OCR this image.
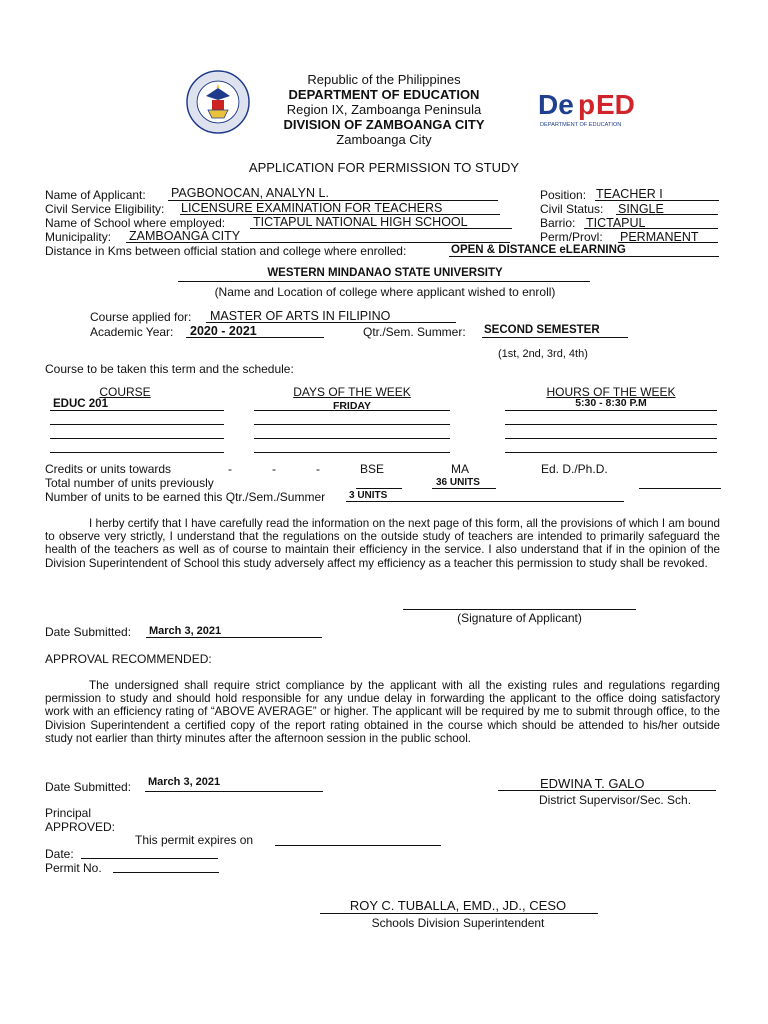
De p ED
DEPARTMENT OF EDUCATION
Republic of the Philippines
DEPARTMENT OF EDUCATION
Region IX, Zamboanga Peninsula
DIVISION OF ZAMBOANGA CITY
Zamboanga City
APPLICATION FOR PERMISSION TO STUDY
Name of Applicant: PAGBONOCAN, ANALYN L.	Position: TEACHER I
Civil Service Eligibility: LICENSURE EXAMINATION FOR TEACHERS	Civil Status: SINGLE
Name of School where employed: TICTAPUL NATIONAL HIGH SCHOOL	Barrio: TICTAPUL
Municipality: ZAMBOANGA CITY	Perm/Provl: PERMANENT
Distance in Kms between official station and college where enrolled:	OPEN & DISTANCE eLEARNING
WESTERN MINDANAO STATE UNIVERSITY
(Name and Location of college where applicant wished to enroll)
Course applied for: MASTER OF ARTS IN FILIPINO
Academic Year: 2020 - 2021	Qtr./Sem. Summer: SECOND SEMESTER
(1st, 2nd, 3rd, 4th)
Course to be taken this term and the schedule:
COURSE	DAYS OF THE WEEK	HOURS OF THE WEEK
EDUC 201	FRIDAY	5:30 - 8:30 P.M
Credits or units towards	-	-	-	BSE	MA	Ed. D./Ph.D.
Total number of units previously	36 UNITS
Number of units to be earned this Qtr./Sem./Summer 3 UNITS
I herby certify that I have carefully read the information on the next page of this form, all the provisions of which I am bound to observe very strictly, I understand that the regulations on the outside study of teachers are intended to primarily safeguard the health of the teachers as well as of course to maintain their efficiency in the service. I also understand that if in the opinion of the Division Superintendent of School this study adversely affect my efficiency as a teacher this permission to study shall be revoked.
(Signature of Applicant)
Date Submitted: March 3, 2021
APPROVAL RECOMMENDED:
The undersigned shall require strict compliance by the applicant with all the existing rules and regulations regarding permission to study and should hold responsible for any undue delay in forwarding the applicant to the office doing satisfactory work with an efficiency rating of “ABOVE AVERAGE” or higher. The applicant will be required by me to submit through office, to the Division Superintendent a certified copy of the report rating obtained in the course which should be attended to his/her outside study not earlier than thirty minutes after the afternoon session in the public school.
Date Submitted: March 3, 2021	EDWINA T. GALO
District Supervisor/Sec. Sch.
Principal
APPROVED:
This permit expires on
Date:
Permit No.
ROY C. TUBALLA, EMD., JD., CESO
Schools Division Superintendent
